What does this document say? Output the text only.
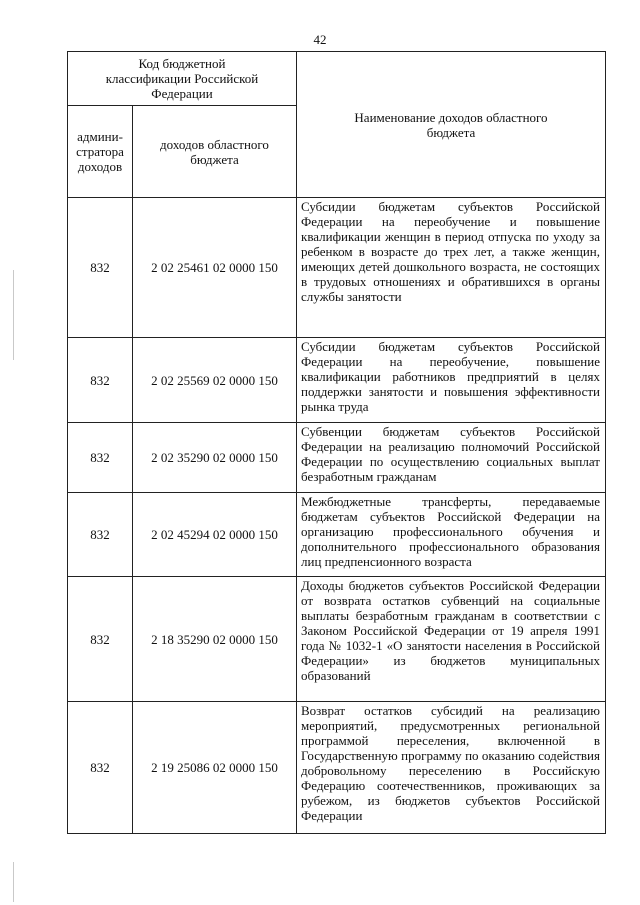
42
Код бюджетной классификации Российской Федерации		Наименование доходов областного бюджета
админи-стратора доходов	доходов областного бюджета	
832	2 02 25461 02 0000 150	Субсидии бюджетам субъектов Российской Федерации на переобучение и повышение квалификации женщин в период отпуска по уходу за ребенком в возрасте до трех лет, а также женщин, имеющих детей дошкольного возраста, не состоящих в трудовых отношениях и обратившихся в органы службы занятости
832	2 02 25569 02 0000 150	Субсидии бюджетам субъектов Российской Федерации на переобучение, повышение квалификации работников предприятий в целях поддержки занятости и повышения эффективности рынка труда
832	2 02 35290 02 0000 150	Субвенции бюджетам субъектов Российской Федерации на реализацию полномочий Российской Федерации по осуществлению социальных выплат безработным гражданам
832	2 02 45294 02 0000 150	Межбюджетные трансферты, передаваемые бюджетам субъектов Российской Федерации на организацию профессионального обучения и дополнительного профессионального образования лиц предпенсионного возраста
832	2 18 35290 02 0000 150	Доходы бюджетов субъектов Российской Федерации от возврата остатков субвенций на социальные выплаты безработным гражданам в соответствии с Законом Российской Федерации от 19 апреля 1991 года № 1032-1 «О занятости населения в Российской Федерации» из бюджетов муниципальных образований
832	2 19 25086 02 0000 150	Возврат остатков субсидий на реализацию мероприятий, предусмотренных региональной программой переселения, включенной в Государственную программу по оказанию содействия добровольному переселению в Российскую Федерацию соотечественников, проживающих за рубежом, из бюджетов субъектов Российской Федерации
